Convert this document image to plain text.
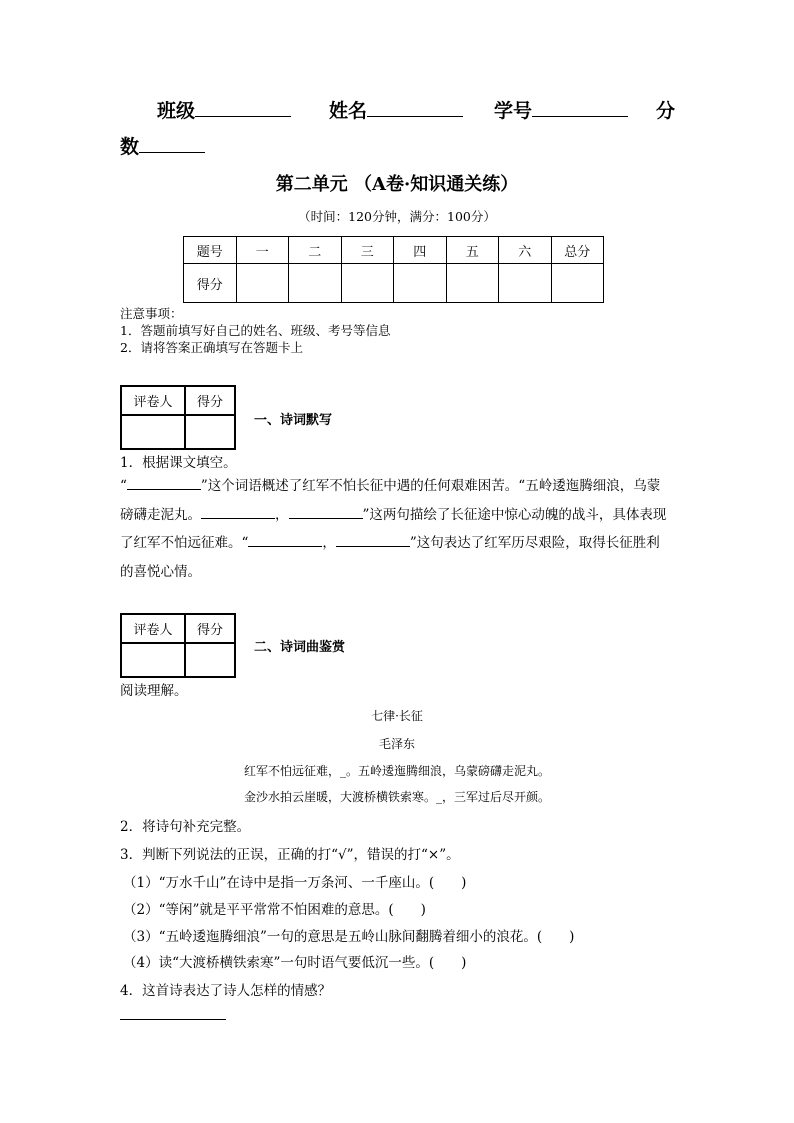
班级	姓名	学号	分
数
第二单元 （A卷·知识通关练）
（时间：120分钟，满分：100分）
题号	一	二	三	四	五	六	总分
得分							
注意事项：
1．答题前填写好自己的姓名、班级、考号等信息
2．请将答案正确填写在答题卡上
评卷人	得分

一、诗词默写
1．根据课文填空。
“	”这个词语概述了红军不怕长征中遇的任何艰难困苦。“五岭逶迤腾细浪，乌蒙
磅礴走泥丸。	，	”这两句描绘了长征途中惊心动魄的战斗，具体表现
了红军不怕远征难。“	，	”这句表达了红军历尽艰险，取得长征胜利
的喜悦心情。
评卷人	得分

二、诗词曲鉴赏
阅读理解。
七律·长征
毛泽东
红军不怕远征难，_。五岭逶迤腾细浪，乌蒙磅礴走泥丸。
金沙水拍云崖暖，大渡桥横铁索寒。_，三军过后尽开颜。
2．将诗句补充完整。
3．判断下列说法的正误，正确的打“√”，错误的打“×”。
（1）“万水千山”在诗中是指一万条河、一千座山。(　　)
（2）“等闲”就是平平常常不怕困难的意思。(　　)
（3）“五岭逶迤腾细浪”一句的意思是五岭山脉间翻腾着细小的浪花。(　　)
（4）读“大渡桥横铁索寒”一句时语气要低沉一些。(　　)
4．这首诗表达了诗人怎样的情感？
